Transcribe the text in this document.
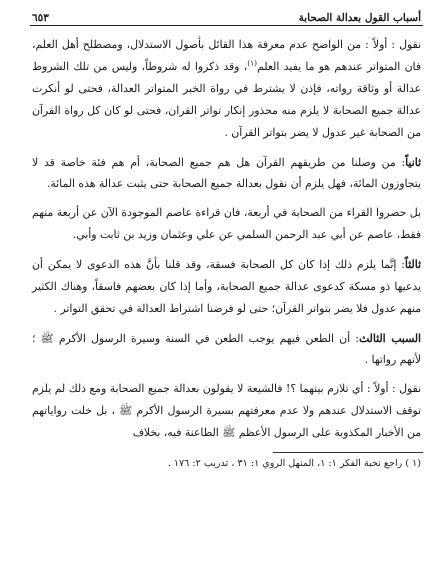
أسباب القول بعدالة الصحابة
٦٥٣

نقول : أولاً : من الواضح عدم معرفة هذا القائل بأصول الاستدلال، ومصطلح أهل العلم، فان المتواتر عندهم هو ما يفيد العلم$^{(١)}$، وقد ذكروا له شروطاً، وليس من تلك الشروط عدالة أو وثاقة رواته، فإذن لا يشترط في رواة الخبر المتواتر العدالة، فحتى لو أنكرت عدالة جميع الصحابة لا يلزم منه محذور إنكار تواتر القران، فحتى لو كان كل رواة القرآن من الصحابة غير عدول لا يضر بتواتر القرآن .

ثانياً: من وصلنا من طريقهم القرآن هل هم جميع الصحابة، أم هم فئة خاصة قد لا يتجاوزون المائة، فهل يلزم أن نقول بعدالة جميع الصحابة حتى يثبت عدالة هذه المائة.

بل حصروا القراء من الصحابة في أربعة، فان قراءة عاصم الموجودة الآن عن أربعة منهم فقط، عاصم عن أبي عبد الرحمن السلمي عن علي وعثمان وزيد بن ثابت وأبي.

ثالثاً: إنَّما يلزم ذلك إذا كان كل الصحابة فسقة، وقد قلنا بأنَّ هذه الدعوى لا يمكن أن يدعيها ذو مسكة كدعوى عدالة جميع الصحابة، وأما إذا كان بعضهم فاسقاً، وهناك الكثير منهم عدول فلا يضر بتواتر القرآن؛ حتى لو فرضنا اشتراط العدالة في تحقق التواتر .

السبب الثالث: أن الطعن فيهم يوجب الطعن في السنة وسيرة الرسول الأكرم ﷺ ؛ لأنهم رواتها .

نقول : أولاً : أي تلازم بينهما ؟! فالشيعة لا يقولون بعدالة جميع الصحابة ومع ذلك لم يلزم توقف الاستدلال عندهم ولا عدم معرفتهم بسيرة الرسول الأكرم ﷺ ، بل خلت رواياتهم من الأخبار المكذوبة على الرسول الأعظم ﷺ الطاعنة فيه، بخلاف

(١ ) راجع نخبة الفكر ١: ١، المنهل الروي ١: ٣١ ، تدريب ٢: ١٧٦ .
